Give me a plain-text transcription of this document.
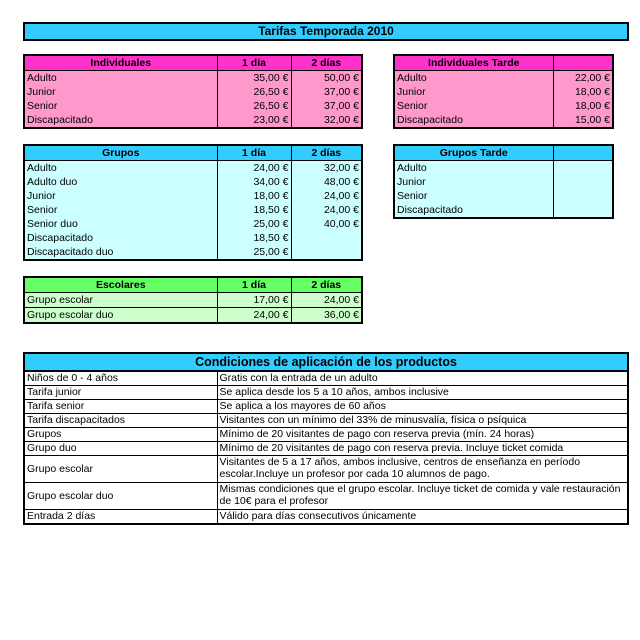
Tarifas Temporada 2010
Individuales	1 día	2 días
Adulto	35,00 €	50,00 €
Junior	26,50 €	37,00 €
Senior	26,50 €	37,00 €
Discapacitado	23,00 €	32,00 €
Individuales Tarde	
Adulto	22,00 €
Junior	18,00 €
Senior	18,00 €
Discapacitado	15,00 €
Grupos	1 día	2 días
Adulto	24,00 €	32,00 €
Adulto duo	34,00 €	48,00 €
Junior	18,00 €	24,00 €
Senior	18,50 €	24,00 €
Senior duo	25,00 €	40,00 €
Discapacitado	18,50 €	
Discapacitado duo	25,00 €	
Grupos Tarde	
Adulto	
Junior	
Senior	
Discapacitado	
Escolares	1 día	2 días
Grupo escolar	17,00 €	24,00 €
Grupo escolar duo	24,00 €	36,00 €
Condiciones de aplicación de los productos	
Niños de 0 - 4 años	Gratis con la entrada de un adulto
Tarifa junior	Se aplica desde los 5 a 10 años, ambos inclusive
Tarifa senior	Se aplica a los mayores de 60 años
Tarifa discapacitados	Visitantes con un mínimo del 33% de minusvalía, física o psíquica
Grupos	Mínimo de 20 visitantes de pago con reserva previa (mín. 24 horas)
Grupo duo	Mínimo de 20 visitantes de pago con reserva previa. Incluye ticket comida
Grupo escolar	Visitantes de 5 a 17 años, ambos inclusive, centros de enseñanza en período escolar.Incluye un profesor por cada 10 alumnos de pago.
Grupo escolar duo	Mismas condiciones que el grupo escolar. Incluye ticket de comida y vale restauración de 10€ para el profesor
Entrada 2 días	Válido para días consecutivos únicamente
